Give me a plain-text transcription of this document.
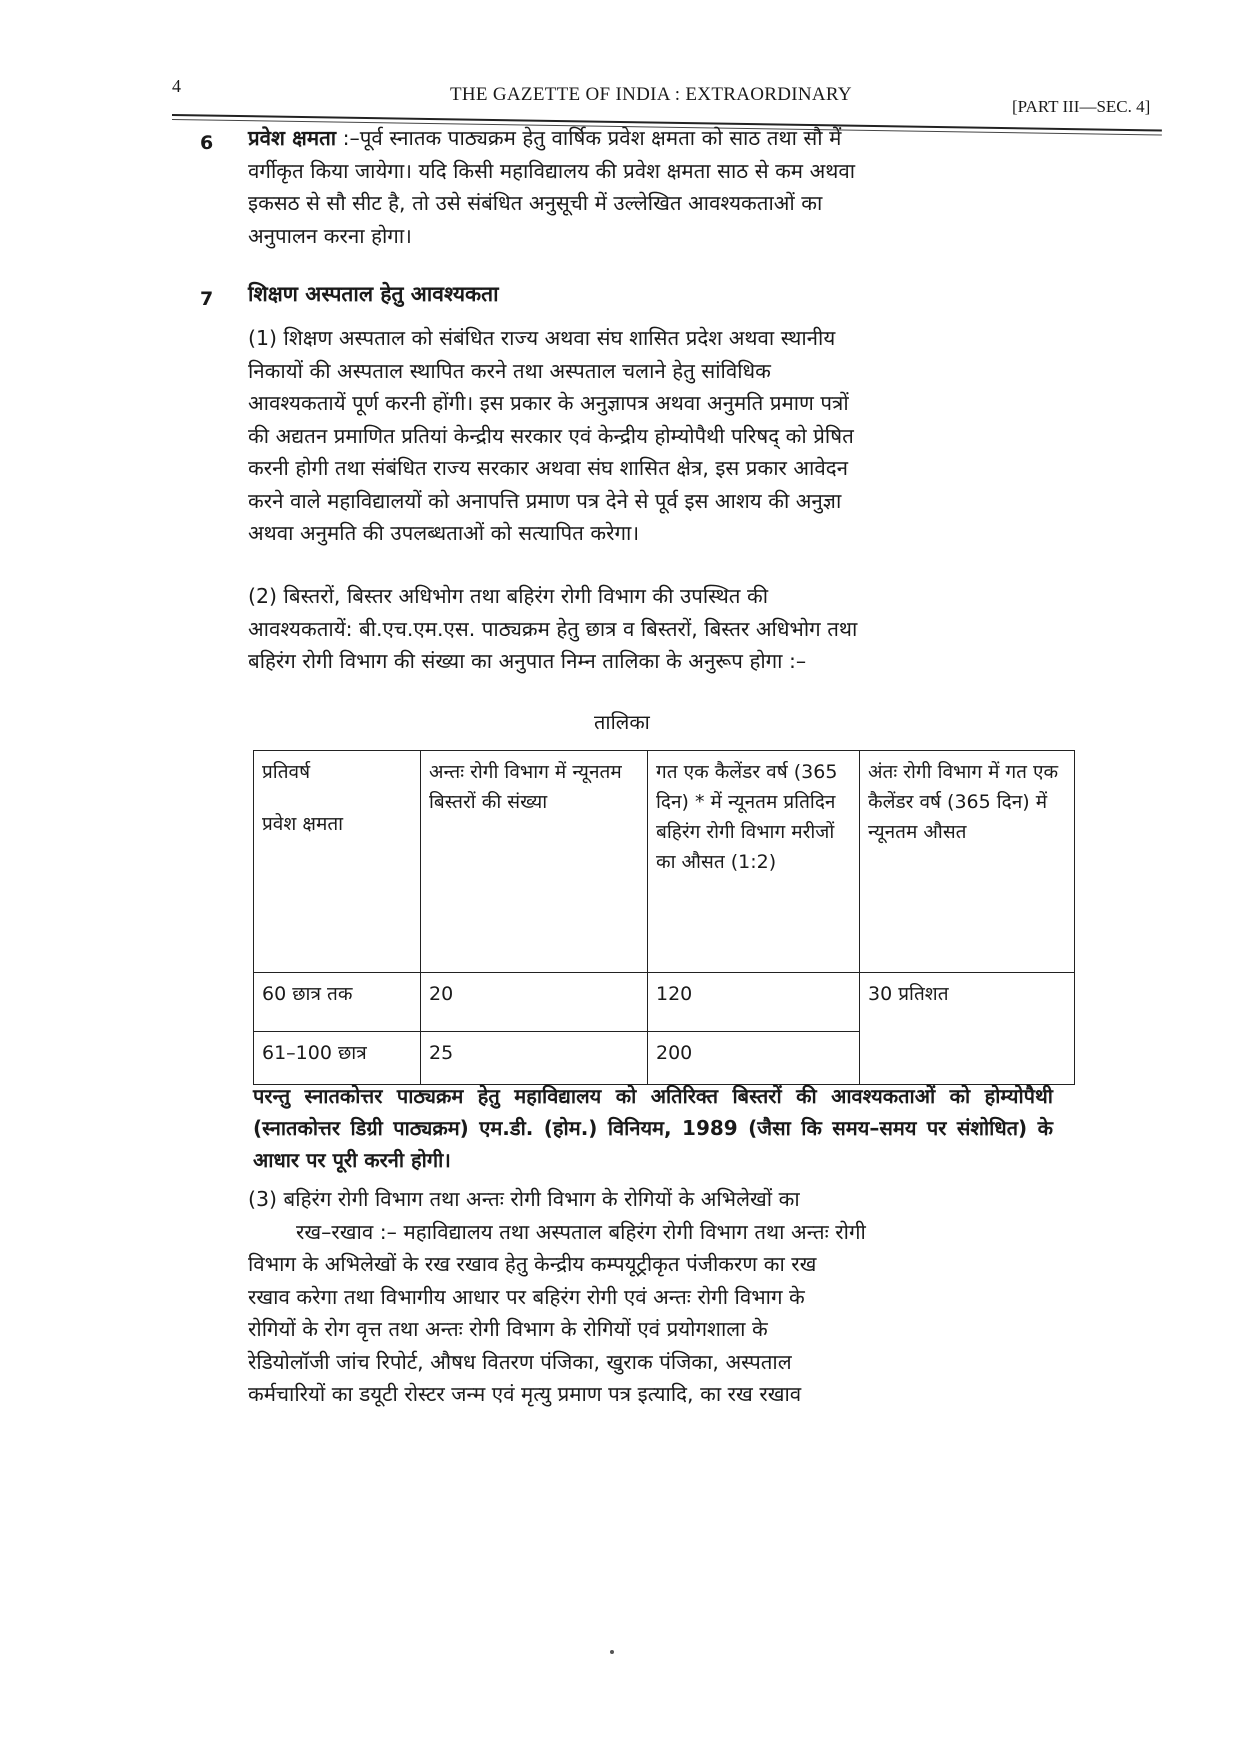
4	THE GAZETTE OF INDIA : EXTRAORDINARY
[PART III—SEC. 4]
6 प्रवेश क्षमता :–पूर्व स्नातक पाठ्यक्रम हेतु वार्षिक प्रवेश क्षमता को साठ तथा सौ में
वर्गीकृत किया जायेगा। यदि किसी महाविद्यालय की प्रवेश क्षमता साठ से कम अथवा
इकसठ से सौ सीट है, तो उसे संबंधित अनुसूची में उल्लेखित आवश्यकताओं का
अनुपालन करना होगा।
7 शिक्षण अस्पताल हेतु आवश्यकता
(1) शिक्षण अस्पताल को संबंधित राज्य अथवा संघ शासित प्रदेश अथवा स्थानीय
निकायों की अस्पताल स्थापित करने तथा अस्पताल चलाने हेतु सांविधिक
आवश्यकतायें पूर्ण करनी होंगी। इस प्रकार के अनुज्ञापत्र अथवा अनुमति प्रमाण पत्रों
की अद्यतन प्रमाणित प्रतियां केन्द्रीय सरकार एवं केन्द्रीय होम्योपैथी परिषद् को प्रेषित
करनी होगी तथा संबंधित राज्य सरकार अथवा संघ शासित क्षेत्र, इस प्रकार आवेदन
करने वाले महाविद्यालयों को अनापत्ति प्रमाण पत्र देने से पूर्व इस आशय की अनुज्ञा
अथवा अनुमति की उपलब्धताओं को सत्यापित करेगा।
(2) बिस्तरों, बिस्तर अधिभोग तथा बहिरंग रोगी विभाग की उपस्थित की
आवश्यकतायें: बी.एच.एम.एस. पाठ्यक्रम हेतु छात्र व बिस्तरों, बिस्तर अधिभोग तथा
बहिरंग रोगी विभाग की संख्या का अनुपात निम्न तालिका के अनुरूप होगा :–
तालिका
प्रतिवर्ष
प्रवेश क्षमता	अन्तः रोगी विभाग में न्यूनतम बिस्तरों की संख्या	गत एक कैलेंडर वर्ष (365 दिन) * में न्यूनतम प्रतिदिन बहिरंग रोगी विभाग मरीजों का औसत (1:2)	अंतः रोगी विभाग में गत एक कैलेंडर वर्ष (365 दिन) में न्यूनतम औसत
60 छात्र तक	20	120	30 प्रतिशत
61–100 छात्र	25	200	
परन्तु स्नातकोत्तर पाठ्यक्रम हेतु महाविद्यालय को अतिरिक्त बिस्तरों की आवश्यकताओं को होम्योपैथी (स्नातकोत्तर डिग्री पाठ्यक्रम) एम.डी. (होम.) विनियम, 1989 (जैसा कि समय–समय पर संशोधित) के आधार पर पूरी करनी होगी।
(3) बहिरंग रोगी विभाग तथा अन्तः रोगी विभाग के रोगियों के अभिलेखों का
रख–रखाव :– महाविद्यालय तथा अस्पताल बहिरंग रोगी विभाग तथा अन्तः रोगी
विभाग के अभिलेखों के रख रखाव हेतु केन्द्रीय कम्पयूट्रीकृत पंजीकरण का रख
रखाव करेगा तथा विभागीय आधार पर बहिरंग रोगी एवं अन्तः रोगी विभाग के
रोगियों के रोग वृत्त तथा अन्तः रोगी विभाग के रोगियों एवं प्रयोगशाला के
रेडियोलॉजी जांच रिपोर्ट, औषध वितरण पंजिका, खुराक पंजिका, अस्पताल
कर्मचारियों का डयूटी रोस्टर जन्म एवं मृत्यु प्रमाण पत्र इत्यादि, का रख रखाव
